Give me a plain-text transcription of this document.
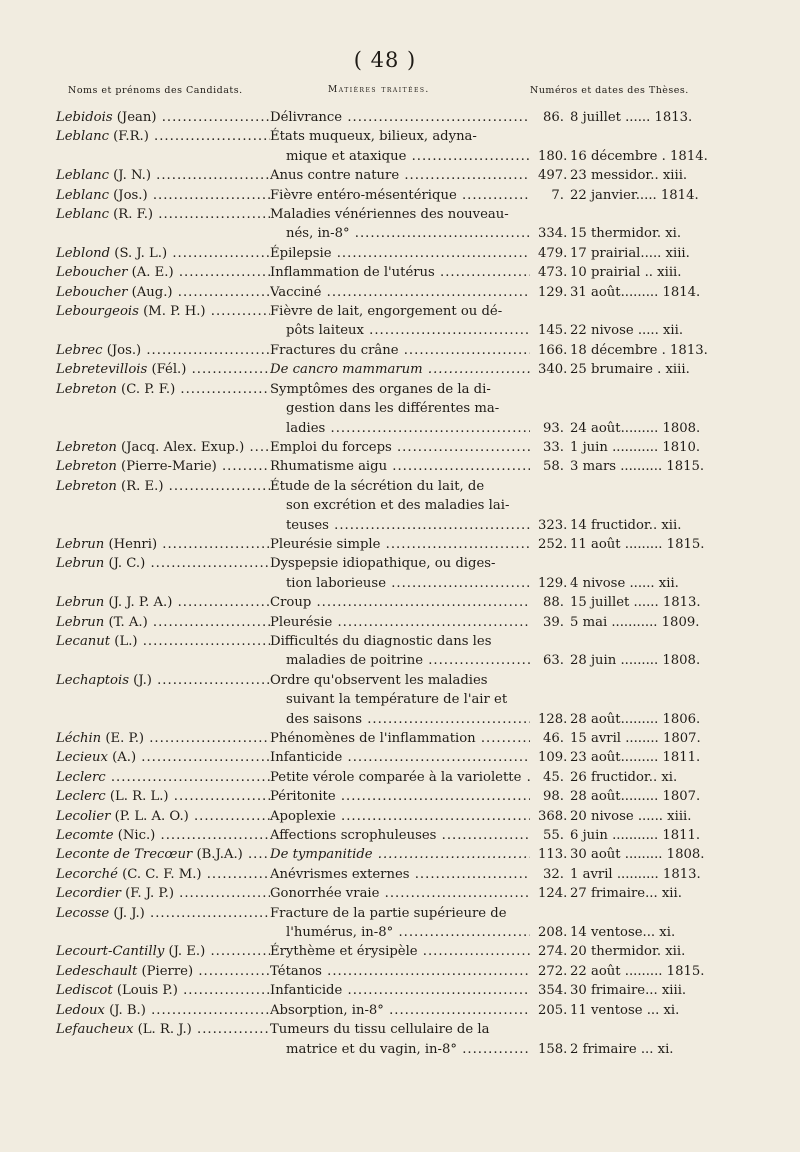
( 48 )
Noms et prénoms des Candidats.	Matières traitées.	Numéros et dates des Thèses.
Lebidois (Jean) .....	Délivrance .....	86. 8 juillet ...... 1813.
Leblanc (F.R.) .....	États muqueux, bilieux, adyna-
mique et ataxique .....	180. 16 décembre . 1814.
Leblanc (J. N.) .....	Anus contre nature .....	497. 23 messidor.. xiii.
Leblanc (Jos.) .....	Fièvre entéro-mésentérique .....	7. 22 janvier..... 1814.
Leblanc (R. F.) .....	Maladies vénériennes des nouveau-
nés, in-8° .....	334. 15 thermidor. xi.
Leblond (S. J. L.) .....	Épilepsie .....	479. 17 prairial..... xiii.
Leboucher (A. E.) .....	Inflammation de l'utérus .....	473. 10 prairial .. xiii.
Leboucher (Aug.) .....	Vacciné .....	129. 31 août......... 1814.
Lebourgeois (M. P. H.) .....	Fièvre de lait, engorgement ou dé-
pôts laiteux .....	145. 22 nivose ..... xii.
Lebrec (Jos.) .....	Fractures du crâne .....	166. 18 décembre . 1813.
Lebretevillois (Fél.) .....	De cancro mammarum .....	340. 25 brumaire . xiii.
Lebreton (C. P. F.) .....	Symptômes des organes de la di-
gestion dans les différentes ma-
ladies .....	93. 24 août......... 1808.
Lebreton (Jacq. Alex. Exup.) .....	Emploi du forceps .....	33. 1 juin ........... 1810.
Lebreton (Pierre-Marie) .....	Rhumatisme aigu .....	58. 3 mars .......... 1815.
Lebreton (R. E.) .....	Étude de la sécrétion du lait, de
son excrétion et des maladies lai-
teuses .....	323. 14 fructidor.. xii.
Lebrun (Henri) .....	Pleurésie simple .....	252. 11 août ......... 1815.
Lebrun (J. C.) .....	Dyspepsie idiopathique, ou diges-
tion laborieuse .....	129. 4 nivose ...... xii.
Lebrun (J. J. P. A.) .....	Croup .....	88. 15 juillet ...... 1813.
Lebrun (T. A.) .....	Pleurésie .....	39. 5 mai ........... 1809.
Lecanut (L.) .....	Difficultés du diagnostic dans les
maladies de poitrine .....	63. 28 juin ......... 1808.
Lechaptois (J.) .....	Ordre qu'observent les maladies
suivant la température de l'air et
des saisons .....	128. 28 août......... 1806.
Léchin (E. P.) .....	Phénomènes de l'inflammation .....	46. 15 avril ........ 1807.
Lecieux (A.) .....	Infanticide .....	109. 23 août......... 1811.
Leclerc .....	Petite vérole comparée à la variolette .....	45. 26 fructidor.. xi.
Leclerc (L. R. L.) .....	Péritonite .....	98. 28 août......... 1807.
Lecolier (P. L. A. O.) .....	Apoplexie .....	368. 20 nivose ...... xiii.
Lecomte (Nic.) .....	Affections scrophuleuses .....	55. 6 juin ........... 1811.
Leconte de Trecœur (B.J.A.) .....	De tympanitide .....	113. 30 août ......... 1808.
Lecorché (C. C. F. M.) .....	Anévrismes externes .....	32. 1 avril .......... 1813.
Lecordier (F. J. P.) .....	Gonorrhée vraie .....	124. 27 frimaire... xii.
Lecosse (J. J.) .....	Fracture de la partie supérieure de
l'humérus, in-8° .....	208. 14 ventose... xi.
Lecourt-Cantilly (J. E.) .....	Érythème et érysipèle .....	274. 20 thermidor. xii.
Ledeschault (Pierre) .....	Tétanos .....	272. 22 août ......... 1815.
Lediscot (Louis P.) .....	Infanticide .....	354. 30 frimaire... xiii.
Ledoux (J. B.) .....	Absorption, in-8° .....	205. 11 ventose ... xi.
Lefaucheux (L. R. J.) .....	Tumeurs du tissu cellulaire de la
matrice et du vagin, in-8° .....	158. 2 frimaire ... xi.
